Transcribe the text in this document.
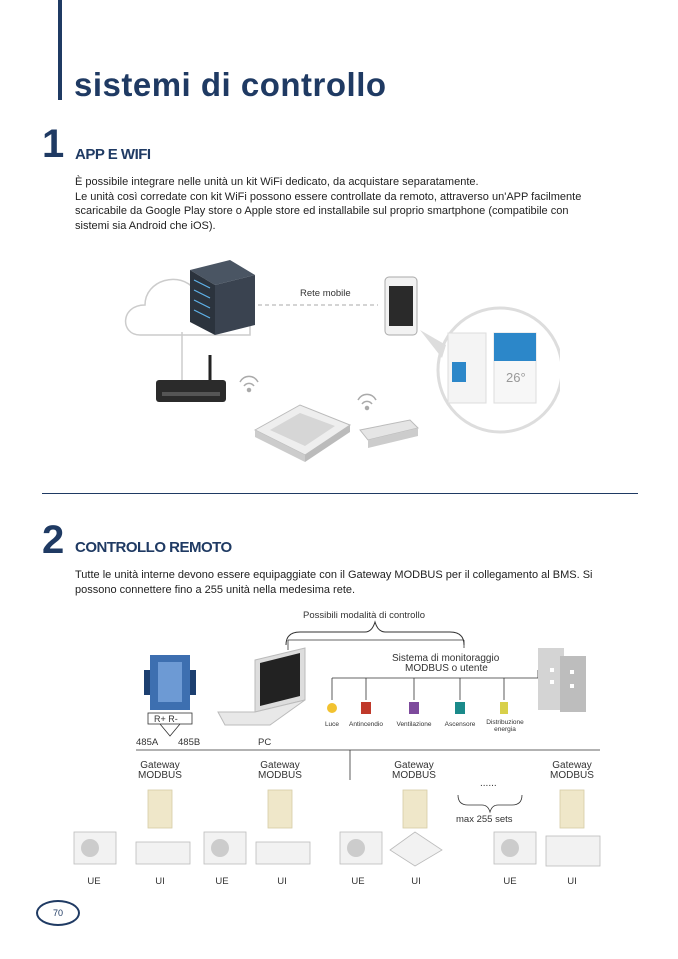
sistemi di controllo
1 APP E WIFI
È possibile integrare nelle unità un kit WiFi dedicato, da acquistare separatamente.
Le unità così corredate con kit WiFi possono essere controllate da remoto, attraverso un'APP facilmente
scaricabile da Google Play store o Apple store ed installabile sul proprio smartphone (compatibile con
sistemi sia Android che iOS).
Rete mobile
26°
2 CONTROLLO REMOTO
Tutte le unità interne devono essere equipaggiate con il Gateway MODBUS per il collegamento al BMS. Si
possono connettere fino a 255 unità nella medesima rete.
Possibili modalità di controllo
R+ R-
485A 485B	PC
Sistema di monitoraggio
MODBUS o utente
Luce Antincendio Ventilazione Ascensore	Distribuzione energia
Gateway
MODBUS
Gateway
MODBUS
Gateway
MODBUS
Gateway
MODBUS
......
max 255 sets
UE	UI	UE	UI	UE	UI	UE	UI
70
